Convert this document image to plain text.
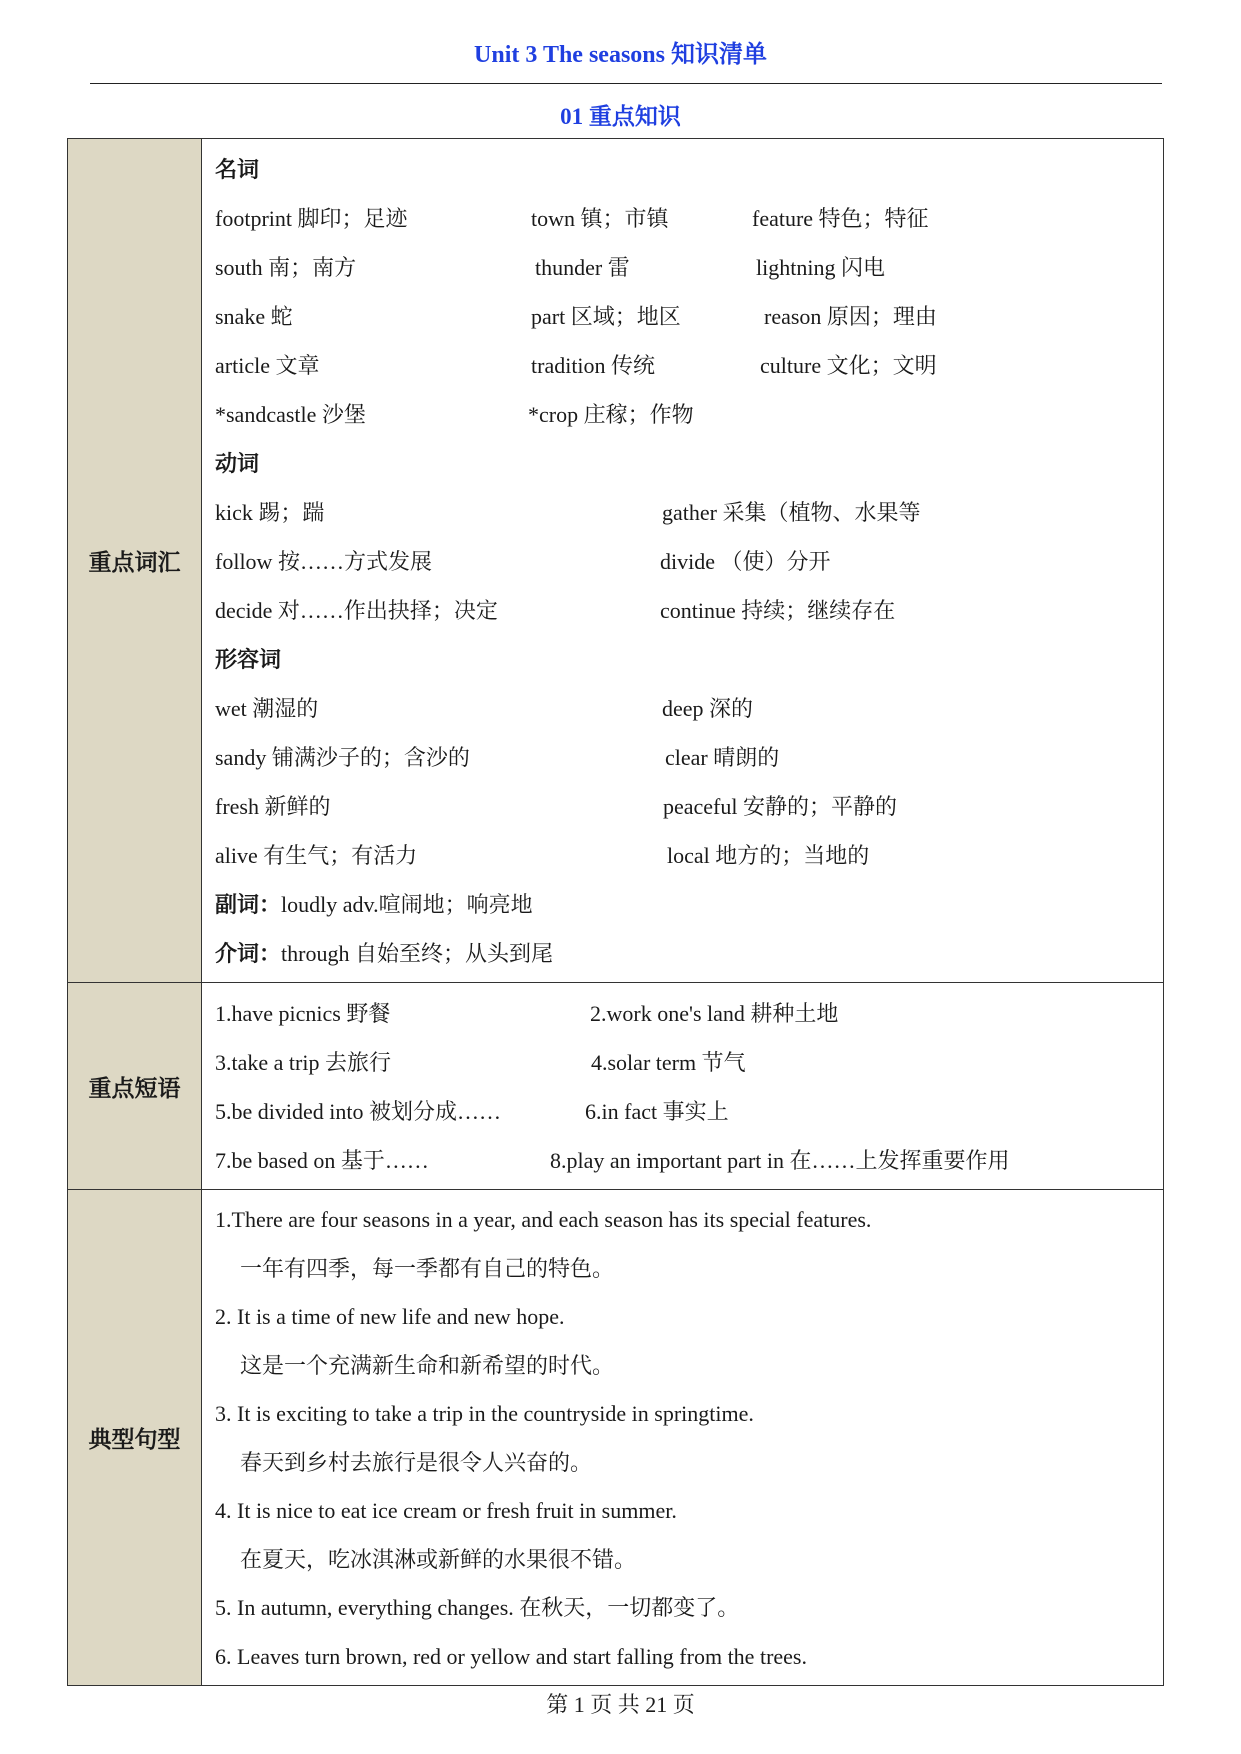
Unit 3 The seasons 知识清单
01 重点知识
重点词汇
名词
footprint 脚印；足迹	town 镇；市镇	feature 特色；特征
south 南；南方	thunder 雷	lightning 闪电
snake 蛇	part 区域；地区	reason 原因；理由
article 文章	tradition 传统	culture 文化；文明
*sandcastle 沙堡	*crop 庄稼；作物
动词
kick 踢；踹	gather 采集（植物、水果等
follow 按……方式发展	divide （使）分开
decide 对……作出抉择；决定	continue 持续；继续存在
形容词
wet 潮湿的	deep 深的
sandy 铺满沙子的；含沙的	clear 晴朗的
fresh 新鲜的	peaceful 安静的；平静的
alive 有生气；有活力	local 地方的；当地的
副词：loudly adv.喧闹地；响亮地
介词：through 自始至终；从头到尾
重点短语
1.have picnics 野餐	2.work one's land 耕种土地
3.take a trip 去旅行	4.solar term 节气
5.be divided into 被划分成……	6.in fact 事实上
7.be based on 基于……	8.play an important part in 在……上发挥重要作用
典型句型
1.There are four seasons in a year, and each season has its special features.
一年有四季，每一季都有自己的特色。
2. It is a time of new life and new hope.
这是一个充满新生命和新希望的时代。
3. It is exciting to take a trip in the countryside in springtime.
春天到乡村去旅行是很令人兴奋的。
4. It is nice to eat ice cream or fresh fruit in summer.
在夏天，吃冰淇淋或新鲜的水果很不错。
5. In autumn, everything changes. 在秋天，一切都变了。
6. Leaves turn brown, red or yellow and start falling from the trees.
第 1 页 共 21 页
